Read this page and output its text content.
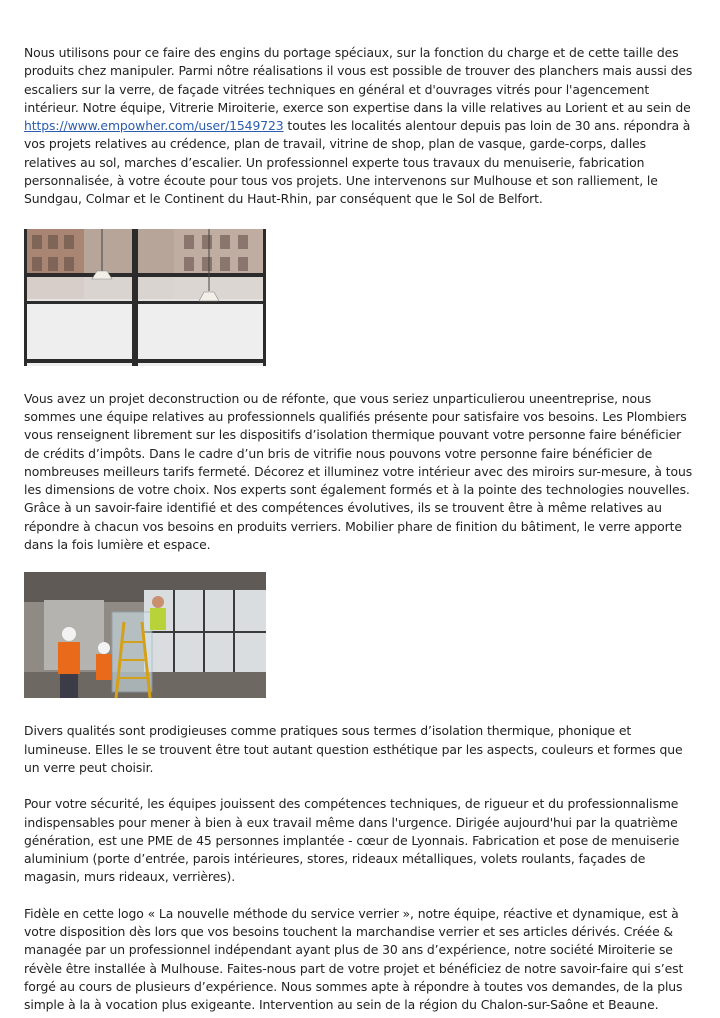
Nous utilisons pour ce faire des engins du portage spéciaux, sur la fonction du charge et de cette taille des produits chez manipuler. Parmi nôtre réalisations il vous est possible de trouver des planchers mais aussi des escaliers sur la verre, de façade vitrées techniques en général et d'ouvrages vitrés pour l'agencement intérieur. Notre équipe, Vitrerie Miroiterie, exerce son expertise dans la ville relatives au Lorient et au sein de https://www.empowher.com/user/1549723 toutes les localités alentour depuis pas loin de 30 ans. répondra à vos projets relatives au crédence, plan de travail, vitrine de shop, plan de vasque, garde-corps, dalles relatives au sol, marches d’escalier. Un professionnel experte tous travaux du menuiserie, fabrication personnalisée, à votre écoute pour tous vos projets. Une intervenons sur Mulhouse et son ralliement, le Sundgau, Colmar et le Continent du Haut-Rhin, par conséquent que le Sol de Belfort.

Vous avez un projet deconstruction ou de réfonte, que vous seriez unparticulierou uneentreprise, nous sommes une équipe relatives au professionnels qualifiés présente pour satisfaire vos besoins. Les Plombiers vous renseignent librement sur les dispositifs d’isolation thermique pouvant votre personne faire bénéficier de crédits d’impôts. Dans le cadre d’un bris de vitrifie nous pouvons votre personne faire bénéficier de nombreuses meilleurs tarifs fermeté. Décorez et illuminez votre intérieur avec des miroirs sur-mesure, à tous les dimensions de votre choix. Nos experts sont également formés et à la pointe des technologies nouvelles. Grâce à un savoir-faire identifié et des compétences évolutives, ils se trouvent être à même relatives au répondre à chacun vos besoins en produits verriers. Mobilier phare de finition du bâtiment, le verre apporte dans la fois lumière et espace.

Divers qualités sont prodigieuses comme pratiques sous termes d’isolation thermique, phonique et lumineuse. Elles le se trouvent être tout autant question esthétique par les aspects, couleurs et formes que un verre peut choisir.

Pour votre sécurité, les équipes jouissent des compétences techniques, de rigueur et du professionnalisme indispensables pour mener à bien à eux travail même dans l'urgence. Dirigée aujourd'hui par la quatrième génération, est une PME de 45 personnes implantée - cœur de Lyonnais. Fabrication et pose de menuiserie aluminium (porte d’entrée, parois intérieures, stores, rideaux métalliques, volets roulants, façades de magasin, murs rideaux, verrières).

Fidèle en cette logo « La nouvelle méthode du service verrier », notre équipe, réactive et dynamique, est à votre disposition dès lors que vos besoins touchent la marchandise verrier et ses articles dérivés. Créée & managée par un professionnel indépendant ayant plus de 30 ans d’expérience, notre société Miroiterie se révèle être installée à Mulhouse. Faites-nous part de votre projet et bénéficiez de notre savoir-faire qui s’est forgé au cours de plusieurs d’expérience. Nous sommes apte à répondre à toutes vos demandes, de la plus simple à la à vocation plus exigeante. Intervention au sein de la région du Chalon-sur-Saône et Beaune.
